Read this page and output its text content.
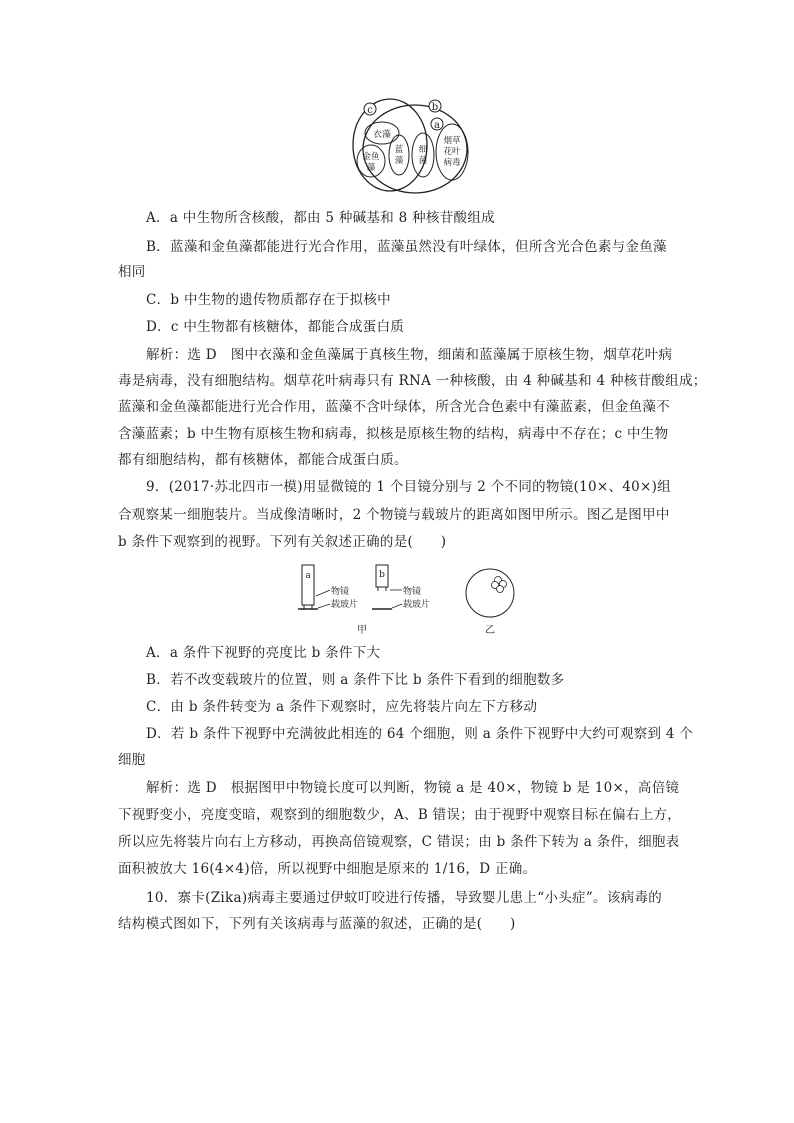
c	b
a
衣藻
金鱼
藻
蓝
藻
细
菌
烟草
花叶
病毒
A．a 中生物所含核酸，都由 5 种碱基和 8 种核苷酸组成
B．蓝藻和金鱼藻都能进行光合作用，蓝藻虽然没有叶绿体，但所含光合色素与金鱼藻
相同
C．b 中生物的遗传物质都存在于拟核中
D．c 中生物都有核糖体，都能合成蛋白质
解析：选 D　图中衣藻和金鱼藻属于真核生物，细菌和蓝藻属于原核生物，烟草花叶病
毒是病毒，没有细胞结构。烟草花叶病毒只有 RNA 一种核酸，由 4 种碱基和 4 种核苷酸组成；
蓝藻和金鱼藻都能进行光合作用，蓝藻不含叶绿体，所含光合色素中有藻蓝素，但金鱼藻不
含藻蓝素；b 中生物有原核生物和病毒，拟核是原核生物的结构，病毒中不存在；c 中生物
都有细胞结构，都有核糖体，都能合成蛋白质。
9．(2017·苏北四市一模)用显微镜的 1 个目镜分别与 2 个不同的物镜(10×、40×)组
合观察某一细胞装片。当成像清晰时，2 个物镜与载玻片的距离如图甲所示。图乙是图甲中
b 条件下观察到的视野。下列有关叙述正确的是(　　)
a
物镜
载玻片
b
物镜
载玻片
甲	乙
A．a 条件下视野的亮度比 b 条件下大
B．若不改变载玻片的位置，则 a 条件下比 b 条件下看到的细胞数多
C．由 b 条件转变为 a 条件下观察时，应先将装片向左下方移动
D．若 b 条件下视野中充满彼此相连的 64 个细胞，则 a 条件下视野中大约可观察到 4 个
细胞
解析：选 D　根据图甲中物镜长度可以判断，物镜 a 是 40×，物镜 b 是 10×，高倍镜
下视野变小，亮度变暗，观察到的细胞数少，A、B 错误；由于视野中观察目标在偏右上方，
所以应先将装片向右上方移动，再换高倍镜观察，C 错误；由 b 条件下转为 a 条件，细胞表
面积被放大 16(4×4)倍，所以视野中细胞是原来的 1/16，D 正确。
10．寨卡(Zika)病毒主要通过伊蚊叮咬进行传播，导致婴儿患上“小头症”。该病毒的
结构模式图如下，下列有关该病毒与蓝藻的叙述，正确的是(　　)
